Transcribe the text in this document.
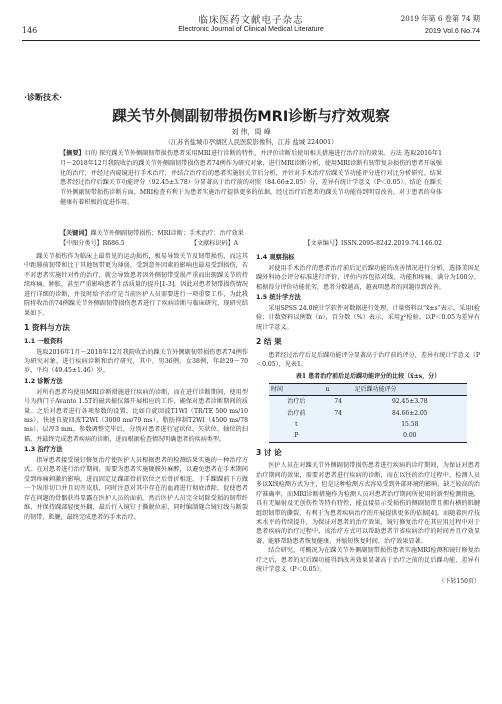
146
临床医药文献电子杂志
Electronic Journal of Clinical Medical Literature
2019 年第 6 卷第 74 期
2019 Vol.6 No.74
·诊断技术·
踝关节外侧副韧带损伤MRI诊断与疗效观察
刘 伟，周 峰
（江苏省盐城市亭湖区人民医院影像科，江苏 盐城 224001）
【摘要】目的 探究踝关节外侧副韧带损伤患者采用MRI进行诊断的特性，并评价诊断后使用相关措施进行治疗后的效果。方法 选取2016年1月～2018年12月我院收治的踝关节外侧副韧带损伤患者74例作为研究对象，进行MRI诊断分析，使用MRI诊断有韧带复杂损伤的患者开展强化的治疗，并经过内窥镜进行手术治疗，并结合治疗后的患者实施肘关节后分析，并针对手术治疗后踝关节功能评分进行对比分析研究。结果 患者经过治疗后踝关节功能评分（92.45±3.78）分显著高于治疗前的对照（84.66±2.05）分，差异有统计学意义（P＜0.05）。结论 在踝关节外侧副韧带损伤诊断方面，MRI检查有利于为患者实施治疗提供更多的依据，经过治疗后患者的踝关节功能得到明显改善，对于患者的身体健康有着积极的促进作用。
【关键词】踝关节外侧副韧带损伤；MRI诊断；手术治疗；治疗效果
【中图分类号】R686.5	【文献标识码】A	【文章编号】ISSN.2095-8242.2019.74.146.02

踝关节损伤作为临床上最常见的运动损伤，极易导致关节及韧带损伤，而这其中距腓前韧带和比于其他韧带更为薄弱，受到意外因素的影响也最易受到损伤，若不对患者实施针对性的治疗，就会导致患者因外侧韧带受损严重而出现踝关节的持续疼痛、肿胀，甚至严重影响患者生活质量的提升[1-3]。因此对患者韧带损伤情况进行详细的诊断，并及时给予治疗是当前医护人员需要进行一项重要工作，为此我院将收治的74例踝关节外侧副韧带损伤患者进行了疾病诊断与临床研究，现研究结果如下。

1 资料与方法
1.1 一般资料

选取2016年1月～2018年12月我院收治的踝关节外侧副韧带损伤患者74例作为研究对象，进行疾病诊断和治疗研究，其中，男36例，女38例，年龄29～70岁，平均（49.45±1.46）岁。

1.2 诊断方法

对所有患者均使用MRI诊断措施进行疾病的诊断，而在进行诊断期间，使用型号为西门子Avanto 1.5T的磁共振仪器开展相应的工作，确保对患者诊断期间的质量。之后对患者进行各项参数的设置，比如自旋回波T1WI（TR/TE 500 ms/10 ms）、快速自旋回波T2WI（3000 ms/79 ms）、脂肪抑制T2WI（4500 ms/78 ms）、层厚3 mm、参数调整完毕后，分别对患者进行冠状位、矢状位、轴位的扫描，并最终完成患者疾病的诊断，进而根据检查情况明确患者的疾病类型。

1.3 治疗方法

指导患者接受镜钉修复治疗使医护人员根据患者的检测结果实施的一种治疗方式。在对患者进行治疗期间，需要为患者实施硬膜外麻醉，以避免患者在手术期间受到疼痛刺激的影响，进而固定足踝部骨折软位之后骨折相连，于手踝踝前下方做一个纵形切口并且切开皮肤，同时注意对其中存在的血液进行彻底清除，促使患者存在问题的骨骼获得显露在医护人员的面前。然后医护人员完全切除受损的韧带纤维，并保持踝部轻度外翻，最后行入镜钉于撕脱位前，同时编制缝合镜钉线与断裂的韧带，肌腱，最终完成患者的手术治疗。

1.4 观察指标

对使用手术治疗的患者治疗前后足后踝功能的改善情况进行分析，选择美国足踝外科协会评分标准进行评价，评价内容包括对线、功能和疼痛，满分为100分，根据得分评价功能优劣，患者分数越高，越表明患者的问题得到改善。

1.5 统计学方法

采用SPSS 24.0统计学软件对数据进行处理，计量资料以“x̄±s”表示，采用t检验；计数资料以例数（n），百分数（%）表示，采用χ²检验。以P＜0.05为差异有统计学意义。

2 结 果

患者经过治疗后足后踝功能评分显著高于治疗前的评分，差异有统计学意义（P＜0.05），见表1。

表1 患者治疗前后足后踝功能评分的比较（x̄±s，分）
时间	n	足后踝功能评分
治疗后	74	92.45±3.78
治疗前	74	84.66±2.05
t		15.58
P		0.00
3 讨 论

医护人员在对踝关节外侧副韧带损伤患者进行疾病的诊疗期间，为保证对患者治疗期间的效果，需要对患者进行疾病的诊断，而在以往的治疗过程中，检测人员多以X线检测方式为主，但是这种检测方式容易受到外部环境的影响，缺乏较高的治疗准确率，而MRI诊断措施作为检测人员对患者治疗期间所使用的新型检测措施，具有无辐射及无创伤性等特有特性，能直接显示受损伤的侧副韧带且拥有横的肌腱组织韧带的撕裂，有利于为患者疾病治疗的开展提供更多的依据[4]。而随着医疗技术水平的持续提升，为保证对患者的治疗效果，镜钉修复治疗在其应用过程中对于患者疾病的治疗过程中，该治疗方式可以帮助患者节省疾病治疗的时间并且疗效显著，能够帮助患者恢复健康，并缩短恢复时间，治疗效果显著。

结合研究，可概况为在踝关节外侧副韧带损伤患者实施MRI检测和镜钉修复治疗之后，患者的足后踝功能得到改善效果显著高于治疗之前的足后踝功能，差异有统计学意义（P＜0.05）。

（下转150页）
